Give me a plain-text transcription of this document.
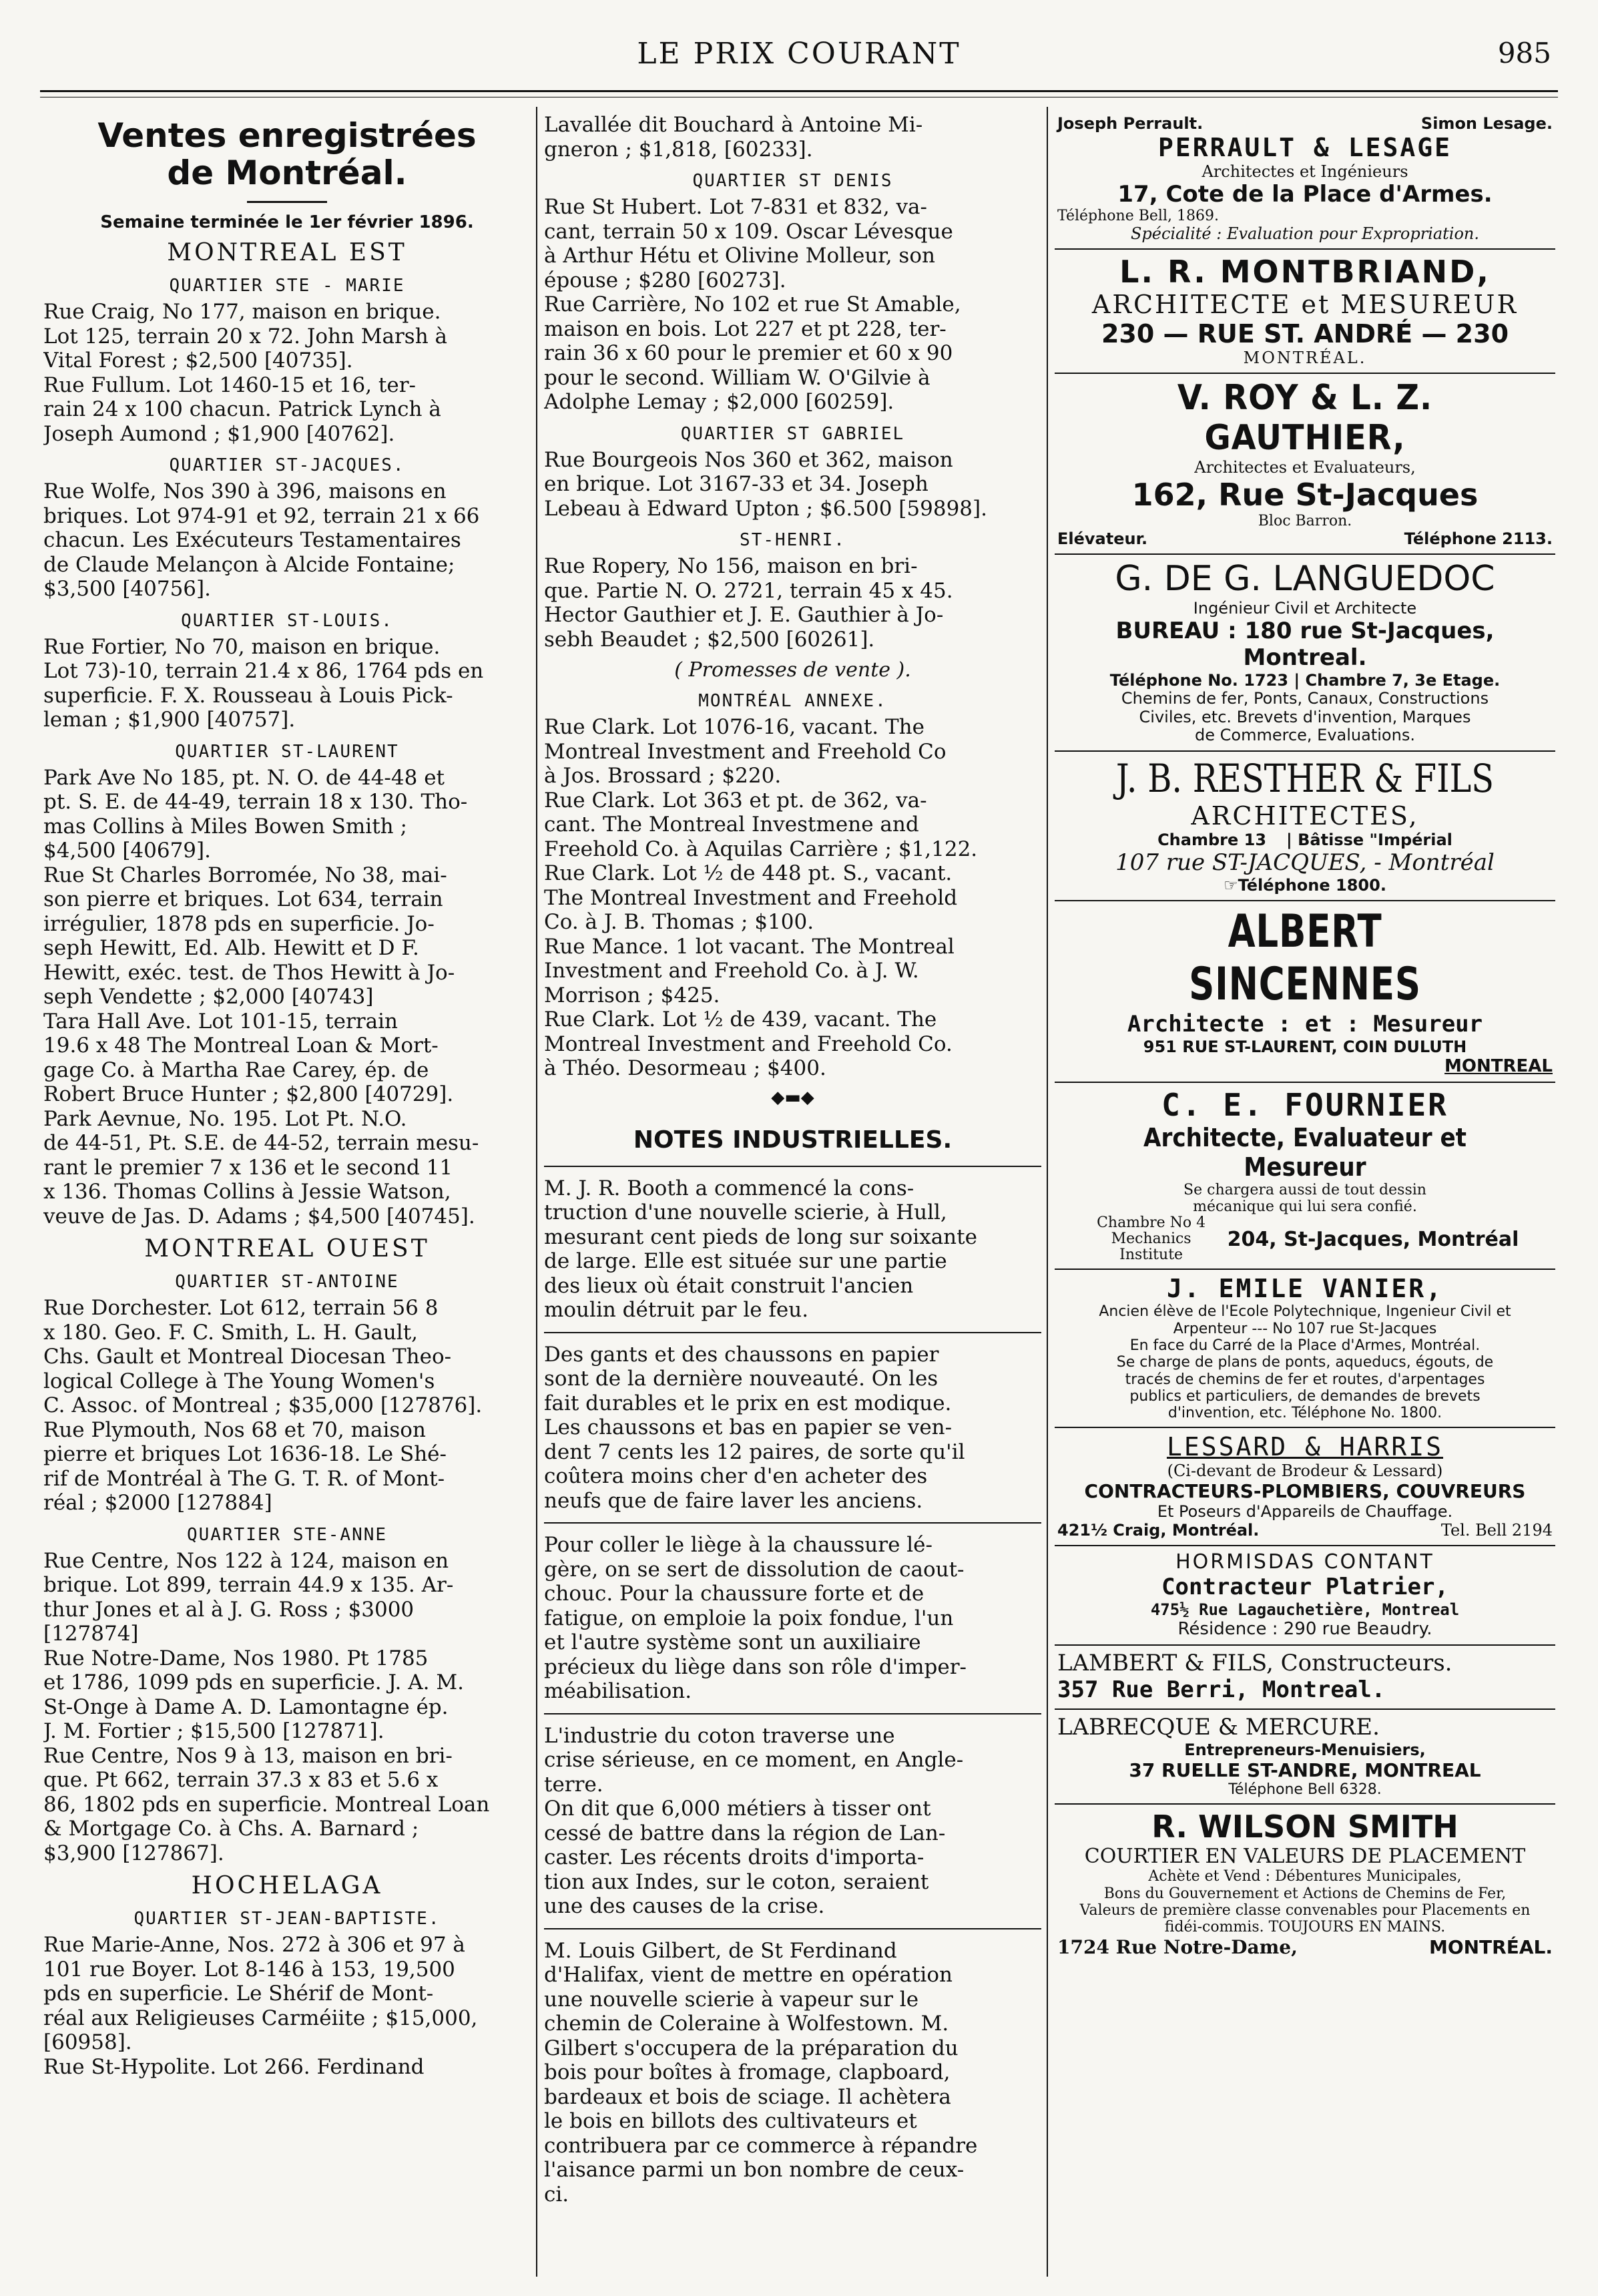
LE PRIX COURANT	985
Ventes enregistrées
de Montréal.
Semaine terminée le 1er février 1896.
MONTREAL EST
QUARTIER STE - MARIE
Rue Craig, No 177, maison en brique.
Lot 125, terrain 20 x 72. John Marsh à
Vital Forest ; $2,500 [40735].
Rue Fullum. Lot 1460-15 et 16, ter-
rain 24 x 100 chacun. Patrick Lynch à
Joseph Aumond ; $1,900 [40762].
QUARTIER ST-JACQUES.
Rue Wolfe, Nos 390 à 396, maisons en
briques. Lot 974-91 et 92, terrain 21 x 66
chacun. Les Exécuteurs Testamentaires
de Claude Melançon à Alcide Fontaine;
$3,500 [40756].
QUARTIER ST-LOUIS.
Rue Fortier, No 70, maison en brique.
Lot 73)-10, terrain 21.4 x 86, 1764 pds en
superficie. F. X. Rousseau à Louis Pick-
leman ; $1,900 [40757].
QUARTIER ST-LAURENT
Park Ave No 185, pt. N. O. de 44-48 et
pt. S. E. de 44-49, terrain 18 x 130. Tho-
mas Collins à Miles Bowen Smith ;
$4,500 [40679].
Rue St Charles Borromée, No 38, mai-
son pierre et briques. Lot 634, terrain
irrégulier, 1878 pds en superficie. Jo-
seph Hewitt, Ed. Alb. Hewitt et D F.
Hewitt, exéc. test. de Thos Hewitt à Jo-
seph Vendette ; $2,000 [40743]
Tara Hall Ave. Lot 101-15, terrain
19.6 x 48 The Montreal Loan & Mort-
gage Co. à Martha Rae Carey, ép. de
Robert Bruce Hunter ; $2,800 [40729].
Park Aevnue, No. 195. Lot Pt. N.O.
de 44-51, Pt. S.E. de 44-52, terrain mesu-
rant le premier 7 x 136 et le second 11
x 136. Thomas Collins à Jessie Watson,
veuve de Jas. D. Adams ; $4,500 [40745].
MONTREAL OUEST
QUARTIER ST-ANTOINE
Rue Dorchester. Lot 612, terrain 56 8
x 180. Geo. F. C. Smith, L. H. Gault,
Chs. Gault et Montreal Diocesan Theo-
logical College à The Young Women's
C. Assoc. of Montreal ; $35,000 [127876].
Rue Plymouth, Nos 68 et 70, maison
pierre et briques Lot 1636-18. Le Shé-
rif de Montréal à The G. T. R. of Mont-
réal ; $2000 [127884]
QUARTIER STE-ANNE
Rue Centre, Nos 122 à 124, maison en
brique. Lot 899, terrain 44.9 x 135. Ar-
thur Jones et al à J. G. Ross ; $3000
[127874]
Rue Notre-Dame, Nos 1980. Pt 1785
et 1786, 1099 pds en superficie. J. A. M.
St-Onge à Dame A. D. Lamontagne ép.
J. M. Fortier ; $15,500 [127871].
Rue Centre, Nos 9 à 13, maison en bri-
que. Pt 662, terrain 37.3 x 83 et 5.6 x
86, 1802 pds en superficie. Montreal Loan
& Mortgage Co. à Chs. A. Barnard ;
$3,900 [127867].
HOCHELAGA
QUARTIER ST-JEAN-BAPTISTE.
Rue Marie-Anne, Nos. 272 à 306 et 97 à
101 rue Boyer. Lot 8-146 à 153, 19,500
pds en superficie. Le Shérif de Mont-
réal aux Religieuses Carméiite ; $15,000,
[60958].
Rue St-Hypolite. Lot 266. Ferdinand
Lavallée dit Bouchard à Antoine Mi-
gneron ; $1,818, [60233].
QUARTIER ST DENIS
Rue St Hubert. Lot 7-831 et 832, va-
cant, terrain 50 x 109. Oscar Lévesque
à Arthur Hétu et Olivine Molleur, son
épouse ; $280 [60273].
Rue Carrière, No 102 et rue St Amable,
maison en bois. Lot 227 et pt 228, ter-
rain 36 x 60 pour le premier et 60 x 90
pour le second. William W. O'Gilvie à
Adolphe Lemay ; $2,000 [60259].
QUARTIER ST GABRIEL
Rue Bourgeois Nos 360 et 362, maison
en brique. Lot 3167-33 et 34. Joseph
Lebeau à Edward Upton ; $6.500 [59898].
ST-HENRI.
Rue Ropery, No 156, maison en bri-
que. Partie N. O. 2721, terrain 45 x 45.
Hector Gauthier et J. E. Gauthier à Jo-
sebh Beaudet ; $2,500 [60261].
( Promesses de vente ).
MONTRÉAL ANNEXE.
Rue Clark. Lot 1076-16, vacant. The
Montreal Investment and Freehold Co
à Jos. Brossard ; $220.
Rue Clark. Lot 363 et pt. de 362, va-
cant. The Montreal Investmene and
Freehold Co. à Aquilas Carrière ; $1,122.
Rue Clark. Lot ½ de 448 pt. S., vacant.
The Montreal Investment and Freehold
Co. à J. B. Thomas ; $100.
Rue Mance. 1 lot vacant. The Montreal
Investment and Freehold Co. à J. W.
Morrison ; $425.
Rue Clark. Lot ½ de 439, vacant. The
Montreal Investment and Freehold Co.
à Théo. Desormeau ; $400.
◆▬◆
NOTES INDUSTRIELLES.
M. J. R. Booth a commencé la cons-
truction d'une nouvelle scierie, à Hull,
mesurant cent pieds de long sur soixante
de large. Elle est située sur une partie
des lieux où était construit l'ancien
moulin détruit par le feu.
Des gants et des chaussons en papier
sont de la dernière nouveauté. On les
fait durables et le prix en est modique.
Les chaussons et bas en papier se ven-
dent 7 cents les 12 paires, de sorte qu'il
coûtera moins cher d'en acheter des
neufs que de faire laver les anciens.
Pour coller le liège à la chaussure lé-
gère, on se sert de dissolution de caout-
chouc. Pour la chaussure forte et de
fatigue, on emploie la poix fondue, l'un
et l'autre système sont un auxiliaire
précieux du liège dans son rôle d'imper-
méabilisation.
L'industrie du coton traverse une
crise sérieuse, en ce moment, en Angle-
terre.
On dit que 6,000 métiers à tisser ont
cessé de battre dans la région de Lan-
caster. Les récents droits d'importa-
tion aux Indes, sur le coton, seraient
une des causes de la crise.
M. Louis Gilbert, de St Ferdinand
d'Halifax, vient de mettre en opération
une nouvelle scierie à vapeur sur le
chemin de Coleraine à Wolfestown. M.
Gilbert s'occupera de la préparation du
bois pour boîtes à fromage, clapboard,
bardeaux et bois de sciage. Il achètera
le bois en billots des cultivateurs et
contribuera par ce commerce à répandre
l'aisance parmi un bon nombre de ceux-
ci.
Joseph Perrault.	Simon Lesage.
PERRAULT & LESAGE
Architectes et Ingénieurs
17, Cote de la Place d'Armes.
Téléphone Bell, 1869.
Spécialité : Evaluation pour Expropriation.
L. R. MONTBRIAND,
ARCHITECTE et MESUREUR
230 — RUE ST. ANDRÉ — 230
MONTRÉAL.
V. ROY & L. Z. GAUTHIER,
Architectes et Evaluateurs,
162, Rue St-Jacques
Bloc Barron.
Elévateur.	Téléphone 2113.
G. DE G. LANGUEDOC
Ingénieur Civil et Architecte
BUREAU : 180 rue St-Jacques, Montreal.
Téléphone No. 1723 | Chambre 7, 3e Etage.
Chemins de fer, Ponts, Canaux, Constructions
Civiles, etc. Brevets d'invention, Marques
de Commerce, Evaluations.
J. B. RESTHER & FILS
ARCHITECTES,
Chambre 13 | Bâtisse "Impérial
107 rue ST-JACQUES, - Montréal
☞Téléphone 1800.
ALBERT SINCENNES
Architecte : et : Mesureur
951 RUE ST-LAURENT, COIN DULUTH
MONTREAL
C. E. FOURNIER
Architecte, Evaluateur et Mesureur
Se chargera aussi de tout dessin
mécanique qui lui sera confié.
Chambre No 4 Mechanics Institute
204, St-Jacques, Montréal
J. EMILE VANIER,
Ancien élève de l'Ecole Polytechnique, Ingenieur Civil et
Arpenteur --- No 107 rue St-Jacques
En face du Carré de la Place d'Armes, Montréal.
Se charge de plans de ponts, aqueducs, égouts, de
tracés de chemins de fer et routes, d'arpentages
publics et particuliers, de demandes de brevets
d'invention, etc. Téléphone No. 1800.
LESSARD & HARRIS
(Ci-devant de Brodeur & Lessard)
CONTRACTEURS-PLOMBIERS, COUVREURS
Et Poseurs d'Appareils de Chauffage.
421½ Craig, Montréal.	Tel. Bell 2194
HORMISDAS CONTANT
Contracteur Platrier,
475½ Rue Lagauchetière, Montreal
Résidence : 290 rue Beaudry.
LAMBERT & FILS, Constructeurs.
357 Rue Berri, Montreal.
LABRECQUE & MERCURE.
Entrepreneurs-Menuisiers,
37 RUELLE ST-ANDRE, MONTREAL
Téléphone Bell 6328.
R. WILSON SMITH
COURTIER EN VALEURS DE PLACEMENT
Achète et Vend : Débentures Municipales,
Bons du Gouvernement et Actions de Chemins de Fer,
Valeurs de première classe convenables pour Placements en
fidéi-commis. TOUJOURS EN MAINS.
1724 Rue Notre-Dame,	MONTRÉAL.
